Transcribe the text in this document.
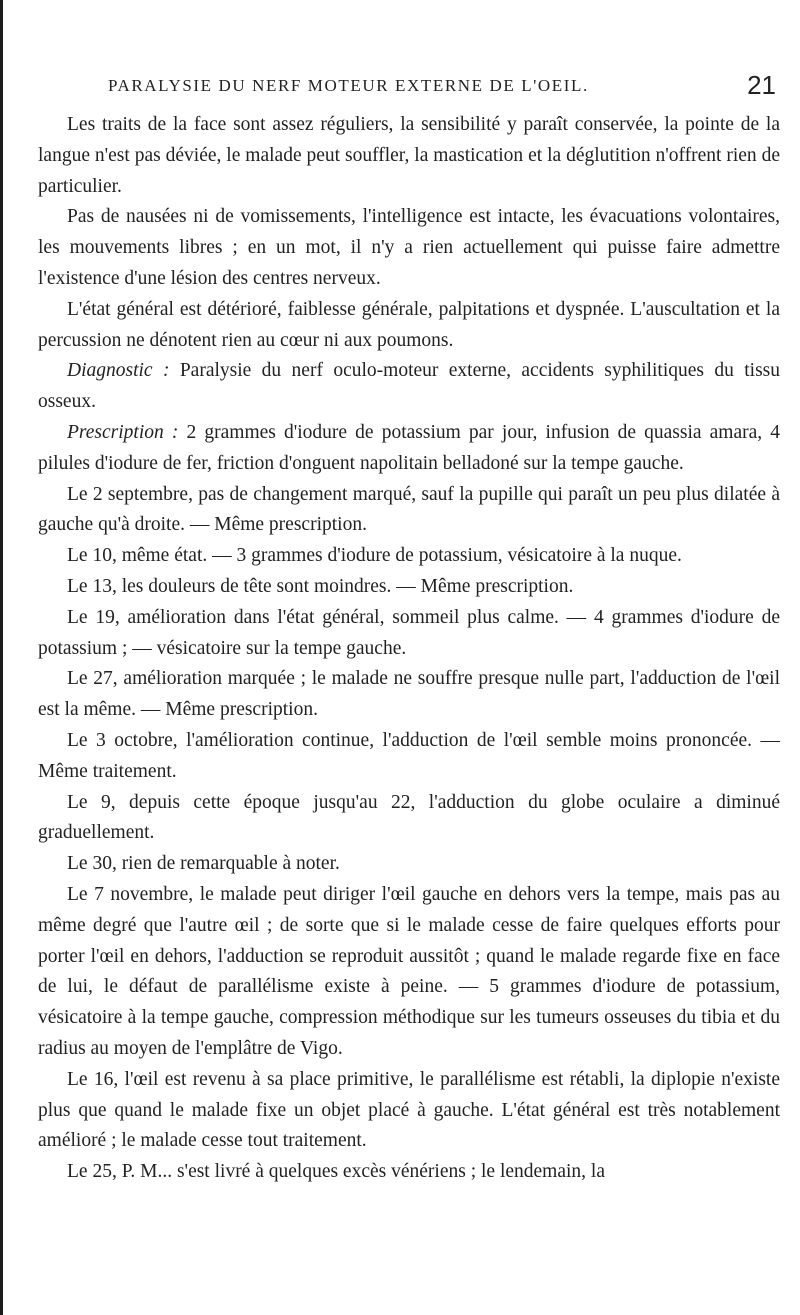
PARALYSIE DU NERF MOTEUR EXTERNE DE L'OEIL.	21

Les traits de la face sont assez réguliers, la sensibilité y paraît conservée, la pointe de la langue n'est pas déviée, le malade peut souffler, la mastication et la déglutition n'offrent rien de particulier.

Pas de nausées ni de vomissements, l'intelligence est intacte, les évacuations volontaires, les mouvements libres ; en un mot, il n'y a rien actuellement qui puisse faire admettre l'existence d'une lésion des centres nerveux.

L'état général est détérioré, faiblesse générale, palpitations et dyspnée. L'auscultation et la percussion ne dénotent rien au cœur ni aux poumons.

Diagnostic : Paralysie du nerf oculo-moteur externe, accidents syphilitiques du tissu osseux.

Prescription : 2 grammes d'iodure de potassium par jour, infusion de quassia amara, 4 pilules d'iodure de fer, friction d'onguent napolitain belladoné sur la tempe gauche.

Le 2 septembre, pas de changement marqué, sauf la pupille qui paraît un peu plus dilatée à gauche qu'à droite. — Même prescription.

Le 10, même état. — 3 grammes d'iodure de potassium, vésicatoire à la nuque.

Le 13, les douleurs de tête sont moindres. — Même prescription.

Le 19, amélioration dans l'état général, sommeil plus calme. — 4 grammes d'iodure de potassium ; — vésicatoire sur la tempe gauche.

Le 27, amélioration marquée ; le malade ne souffre presque nulle part, l'adduction de l'œil est la même. — Même prescription.

Le 3 octobre, l'amélioration continue, l'adduction de l'œil semble moins prononcée. — Même traitement.

Le 9, depuis cette époque jusqu'au 22, l'adduction du globe oculaire a diminué graduellement.

Le 30, rien de remarquable à noter.

Le 7 novembre, le malade peut diriger l'œil gauche en dehors vers la tempe, mais pas au même degré que l'autre œil ; de sorte que si le malade cesse de faire quelques efforts pour porter l'œil en dehors, l'adduction se reproduit aussitôt ; quand le malade regarde fixe en face de lui, le défaut de parallélisme existe à peine. — 5 grammes d'iodure de potassium, vésicatoire à la tempe gauche, compression méthodique sur les tumeurs osseuses du tibia et du radius au moyen de l'emplâtre de Vigo.

Le 16, l'œil est revenu à sa place primitive, le parallélisme est rétabli, la diplopie n'existe plus que quand le malade fixe un objet placé à gauche. L'état général est très notablement amélioré ; le malade cesse tout traitement.

Le 25, P. M... s'est livré à quelques excès vénériens ; le lendemain, la
